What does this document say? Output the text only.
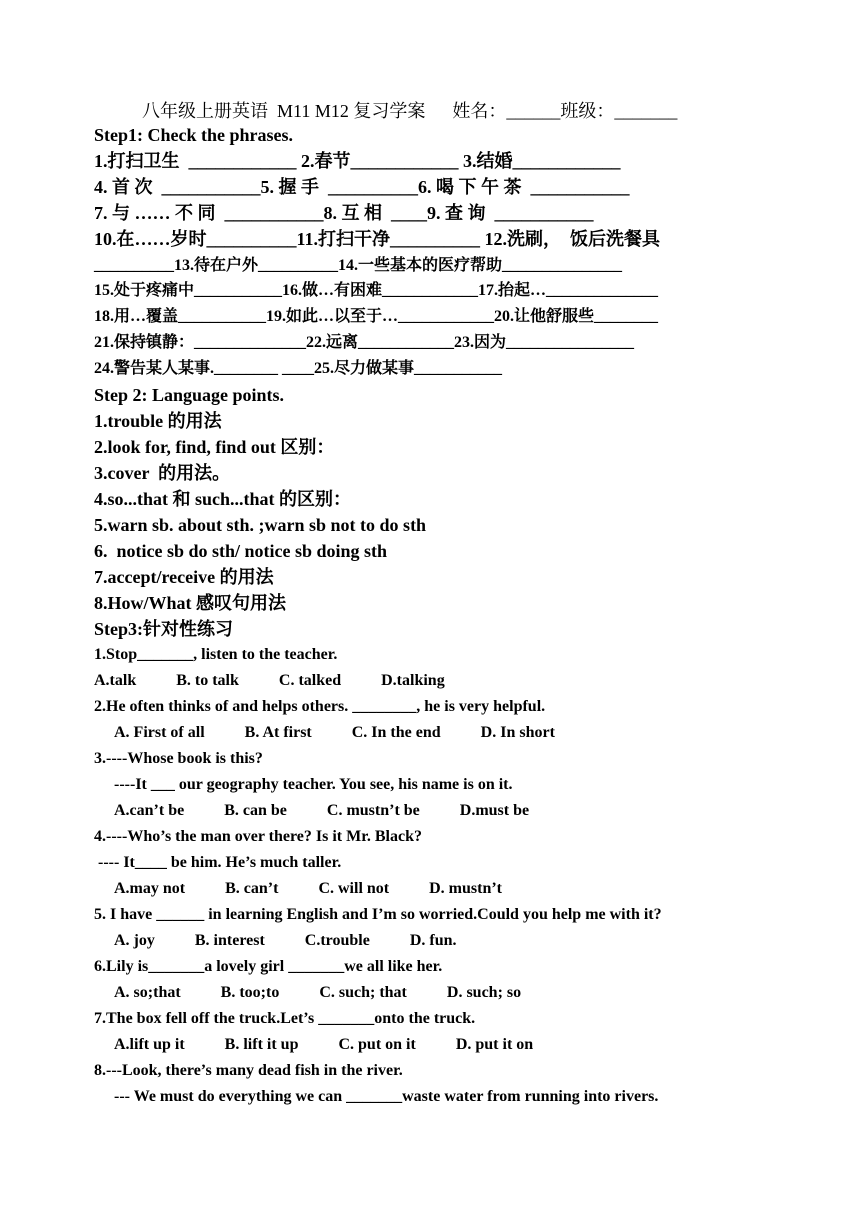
八年级上册英语  M11 M12 复习学案      姓名：______班级：_______
Step1: Check the phrases.
1.打扫卫生  ____________ 2.春节____________ 3.结婚____________
4. 首 次  ___________5. 握 手  __________6. 喝 下 午 茶  ___________
7. 与 …… 不 同  ___________8. 互 相  ____9. 查 询  ___________
10.在……岁时__________11.打扫干净__________ 12.洗刷，  饭后洗餐具
__________13.待在户外__________14.一些基本的医疗帮助_______________
15.处于疼痛中___________16.做…有困难____________17.抬起…______________
18.用…覆盖___________19.如此…以至于…____________20.让他舒服些________
21.保持镇静：______________22.远离____________23.因为________________
24.警告某人某事.________ ____25.尽力做某事___________
Step 2: Language points.
1.trouble 的用法
2.look for, find, find out 区别：
3.cover  的用法。
4.so...that 和 such...that 的区别：
5.warn sb. about sth. ;warn sb not to do sth
6.  notice sb do sth/ notice sb doing sth
7.accept/receive 的用法
8.How/What 感叹句用法
Step3:针对性练习
1.Stop_______, listen to the teacher.
A.talk          B. to talk          C. talked          D.talking
2.He often thinks of and helps others. ________, he is very helpful.
A. First of all          B. At first          C. In the end          D. In short
3.----Whose book is this?
----It ___ our geography teacher. You see, his name is on it.
A.can’t be          B. can be          C. mustn’t be          D.must be
4.----Who’s the man over there? Is it Mr. Black?
---- It____ be him. He’s much taller.
A.may not          B. can’t          C. will not          D. mustn’t
5. I have ______ in learning English and I’m so worried.Could you help me with it?
A. joy          B. interest          C.trouble          D. fun.
6.Lily is_______a lovely girl _______we all like her.
A. so;that          B. too;to          C. such; that          D. such; so
7.The box fell off the truck.Let’s _______onto the truck.
A.lift up it          B. lift it up          C. put on it          D. put it on
8.---Look, there’s many dead fish in the river.
--- We must do everything we can _______waste water from running into rivers.
